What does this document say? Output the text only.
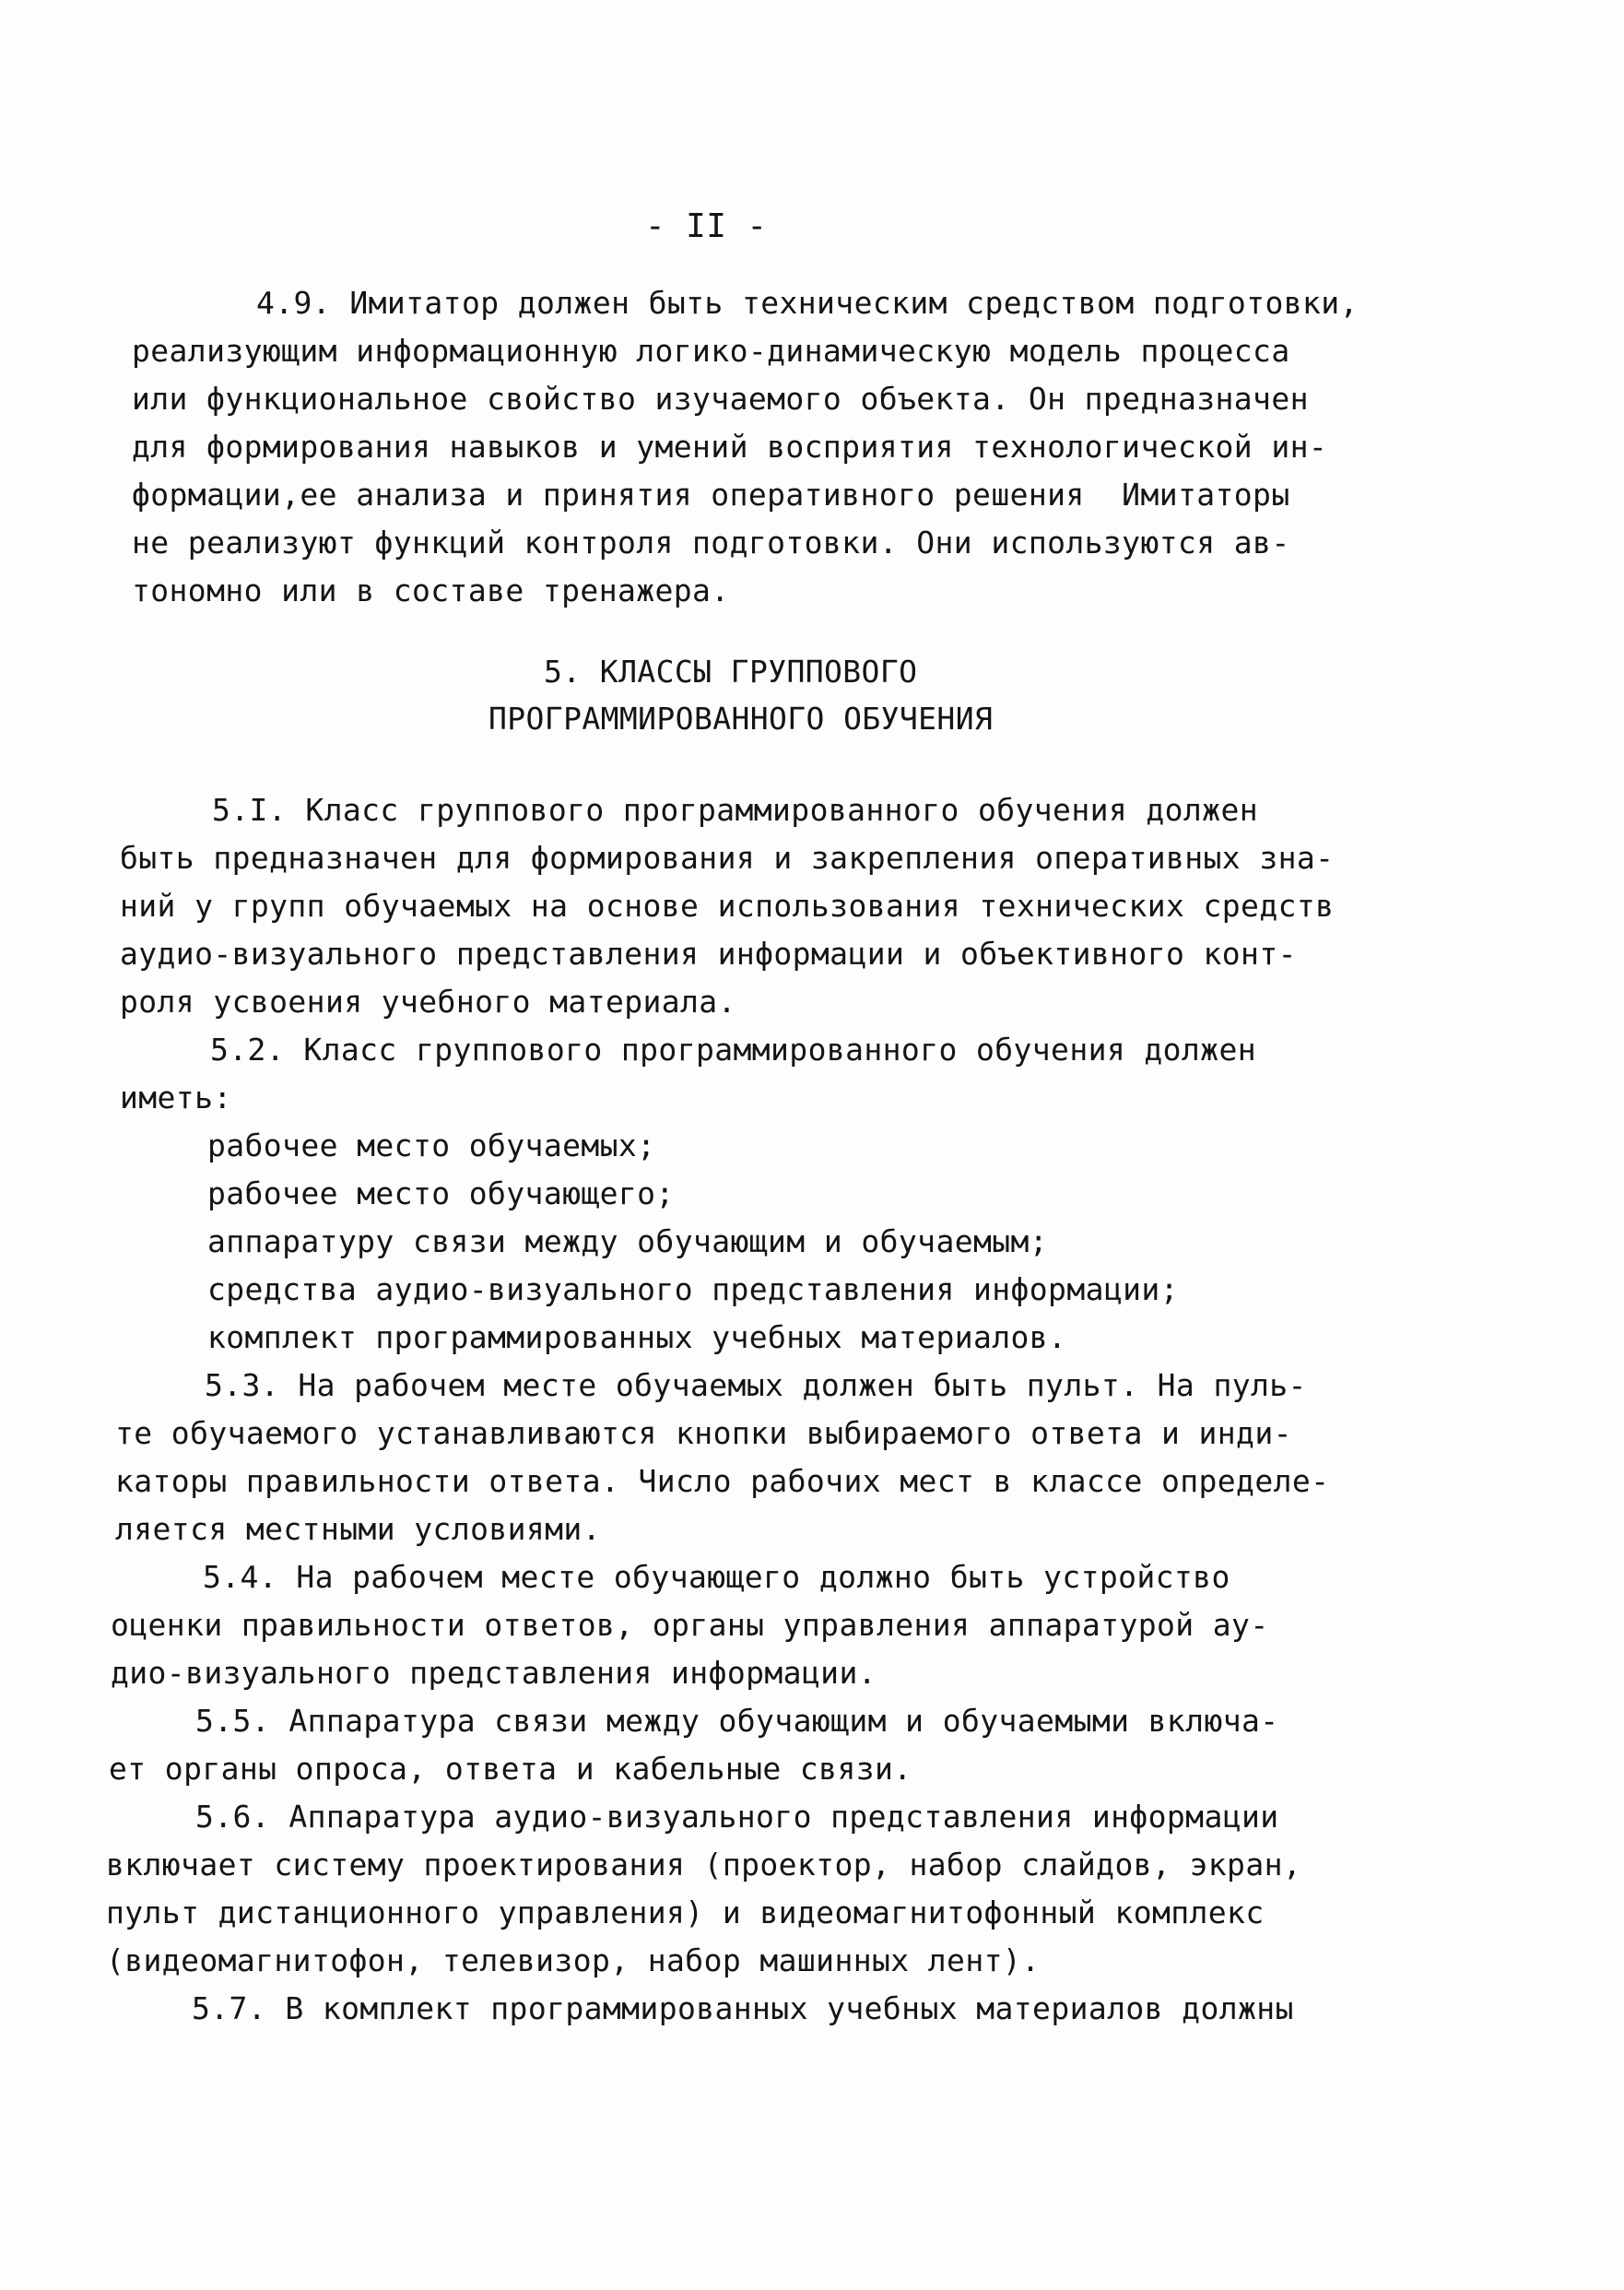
- II -
4.9. Имитатор должен быть техническим средством подготовки,
реализующим информационную логико-динамическую модель процесса
или функциональное свойство изучаемого объекта. Он предназначен
для формирования навыков и умений восприятия технологической ин-
формации,ее анализа и принятия оперативного решения  Имитаторы
не реализуют функций контроля подготовки. Они используются ав-
тономно или в составе тренажера.
5. КЛАССЫ ГРУППОВОГО
ПРОГРАММИРОВАННОГО ОБУЧЕНИЯ
5.I. Класс группового программированного обучения должен
быть предназначен для формирования и закрепления оперативных зна-
ний у групп обучаемых на основе использования технических средств
аудио-визуального представления информации и объективного конт-
роля усвоения учебного материала.
5.2. Класс группового программированного обучения должен
иметь:
рабочее место обучаемых;
рабочее место обучающего;
аппаратуру связи между обучающим и обучаемым;
средства аудио-визуального представления информации;
комплект программированных учебных материалов.
5.3. На рабочем месте обучаемых должен быть пульт. На пуль-
те обучаемого устанавливаются кнопки выбираемого ответа и инди-
каторы правильности ответа. Число рабочих мест в классе определе-
ляется местными условиями.
5.4. На рабочем месте обучающего должно быть устройство
оценки правильности ответов, органы управления аппаратурой ау-
дио-визуального представления информации.
5.5. Аппаратура связи между обучающим и обучаемыми включа-
ет органы опроса, ответа и кабельные связи.
5.6. Аппаратура аудио-визуального представления информации
включает систему проектирования (проектор, набор слайдов, экран,
пульт дистанционного управления) и видеомагнитофонный комплекс
(видеомагнитофон, телевизор, набор машинных лент).
5.7. В комплект программированных учебных материалов должны
